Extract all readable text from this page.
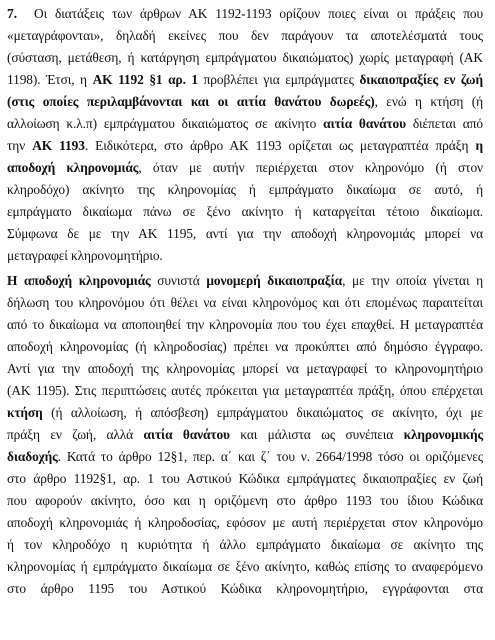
7. Οι διατάξεις των άρθρων ΑΚ 1192-1193 ορίζουν ποιες είναι οι πράξεις που
«μεταγράφονται», δηλαδή εκείνες που δεν παράγουν τα αποτελέσματά τους
(σύσταση, μετάθεση, ή κατάργηση εμπράγματου δικαιώματος) χωρίς μεταγραφή (ΑΚ
1198). Έτσι, η ΑΚ 1192 §1 αρ. 1 προβλέπει για εμπράγματες δικαιοπραξίες εν ζωή
(στις οποίες περιλαμβάνονται και οι αιτία θανάτου δωρεές), ενώ η κτήση (ή
αλλοίωση κ.λ.π) εμπράγματου δικαιώματος σε ακίνητο αιτία θανάτου διέπεται από
την ΑΚ 1193. Ειδικότερα, στο άρθρο ΑΚ 1193 ορίζεται ως μεταγραπτέα πράξη η
αποδοχή κληρονομιάς, όταν με αυτήν περιέρχεται στον κληρονόμο (ή στον
κληροδόχο) ακίνητο της κληρονομίας ή εμπράγματο δικαίωμα σε αυτό, ή
εμπράγματο δικαίωμα πάνω σε ξένο ακίνητο ή καταργείται τέτοιο δικαίωμα.
Σύμφωνα δε με την ΑΚ 1195, αντί για την αποδοχή κληρονομιάς μπορεί να
μεταγραφεί κληρονομητήριο.
Η αποδοχή κληρονομιάς συνιστά μονομερή δικαιοπραξία, με την οποία γίνεται η
δήλωση του κληρονόμου ότι θέλει να είναι κληρονόμος και ότι επομένως παραιτείται
από το δικαίωμα να αποποιηθεί την κληρονομία που του έχει επαχθεί. Η μεταγραπτέα
αποδοχή κληρονομίας (ή κληροδοσίας) πρέπει να προκύπτει από δημόσιο έγγραφο.
Αντί για την αποδοχή της κληρονομίας μπορεί να μεταγραφεί το κληρονομητήριο
(ΑΚ 1195). Στις περιπτώσεις αυτές πρόκειται για μεταγραπτέα πράξη, όπου επέρχεται
κτήση (ή αλλοίωση, ή απόσβεση) εμπράγματου δικαιώματος σε ακίνητο, όχι με
πράξη εν ζωή, αλλά αιτία θανάτου και μάλιστα ως συνέπεια κληρονομικής
διαδοχής. Κατά το άρθρο 12§1, περ. α΄ και ζ΄ του ν. 2664/1998 τόσο οι οριζόμενες
στο άρθρο 1192§1, αρ. 1 του Αστικού Κώδικα εμπράγματες δικαιοπραξίες εν ζωή
που αφορούν ακίνητο, όσο και η οριζόμενη στο άρθρο 1193 του ίδιου Κώδικα
αποδοχή κληρονομιάς ή κληροδοσίας, εφόσον με αυτή περιέρχεται στον κληρονόμο
ή τον κληροδόχο η κυριότητα ή άλλο εμπράγματο δικαίωμα σε ακίνητο της
κληρονομίας ή εμπράγματο δικαίωμα σε ξένο ακίνητο, καθώς επίσης το αναφερόμενο
στο άρθρο 1195 του Αστικού Κώδικα κληρονομητήριο, εγγράφονται στα
